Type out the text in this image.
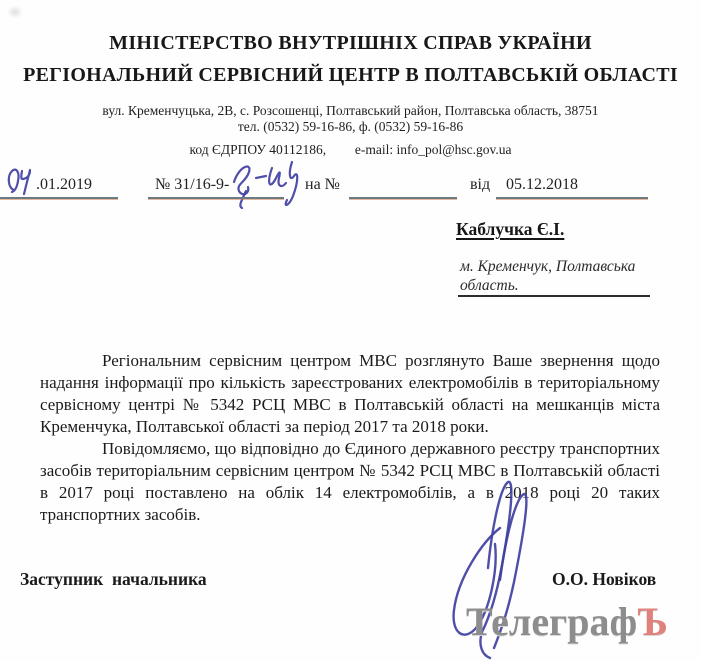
МІНІСТЕРСТВО ВНУТРІШНІХ СПРАВ УКРАЇНИ
РЕГІОНАЛЬНИЙ СЕРВІСНИЙ ЦЕНТР В ПОЛТАВСЬКІЙ ОБЛАСТІ
вул. Кременчуцька, 2В, с. Розсошенці, Полтавський район, Полтавська область, 38751
тел. (0532) 59-16-86, ф. (0532) 59-16-86
код ЄДРПОУ 40112186, e-mail: info_pol@hsc.gov.ua
.01.2019	№ 31/16-9-	на №	від 05.12.2018
Каблучка Є.І.
м. Кременчук, Полтавська
область.

Регіональним сервісним центром МВС розглянуто Ваше звернення щодо надання інформації про кількість зареєстрованих електромобілів в територіальному сервісному центрі № 5342 РСЦ МВС в Полтавській області на мешканців міста Кременчука, Полтавської області за період 2017 та 2018 роки.

Повідомляємо, що відповідно до Єдиного державного реєстру транспортних засобів територіальним сервісним центром № 5342 РСЦ МВС в Полтавській області в 2017 році поставлено на облік 14 електромобілів, а в 2018 році 20 таких транспортних засобів.

Заступник  начальника	О.О. Новіков
ТелеграфЪ
